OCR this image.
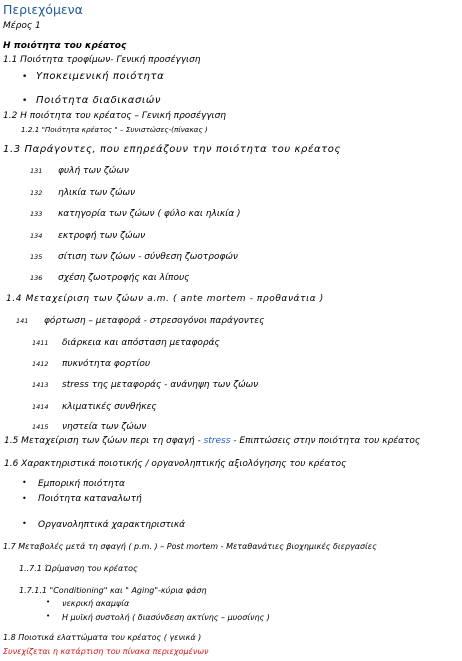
Περιεχόμενα
Μέρος 1
Η ποιότητα του κρέατος
1.1 Ποιότητα τροφίμων- Γενική προσέγγιση
• Υποκειμενική ποιότητα
• Ποιότητα διαδικασιών
1.2 Η ποιότητα του κρέατος – Γενική προσέγγιση
1.2.1 "Ποιότητα κρέατος " – Συνιστώσες-(πίνακας )
1.3 Παράγοντες, που επηρεάζουν την ποιότητα του κρέατος
131 φυλή των ζώων
132 ηλικία των ζώων
133 κατηγορία των ζώων ( φύλο και ηλικία )
134 εκτροφή των ζώων
135 σίτιση των ζώων - σύνθεση ζωοτροφών
136 σχέση ζωοτροφής και λίπους
1.4 Μεταχείριση των ζώων a.m. ( ante mortem - προθανάτια )
141 φόρτωση – μεταφορά - στρεσογόνοι παράγοντες
1411 διάρκεια και απόσταση μεταφοράς
1412 πυκνότητα φορτίου
1413 stress της μεταφοράς - ανάνηψη των ζώων
1414 κλιματικές συνθήκες
1415 νηστεία των ζώων
1.5 Μεταχείριση των ζώων περι τη σφαγή - stress - Επιπτώσεις στην ποιότητα του κρέατος
1.6 Χαρακτηριστικά ποιοτικής / οργανοληπτικής αξιολόγησης του κρέατος
• Εμπορική ποιότητα
• Ποιότητα καταναλωτή
• Οργανοληπτικά χαρακτηριστικά
1.7 Μεταβολές μετά τη σφαγή ( p.m. ) – Post mortem - Μεταθανάτιες βιοχημικές διεργασίες
1..7.1 Ώρίμανση του κρέατος
1.7.1.1 "Conditioning" και " Aging"-κύρια φάση
• νεκρική ακαμψία
• Η μυϊκή συστολή ( διασύνδεση ακτίνης – μυοσίνης )
1.8 Ποιοτικά ελαττώματα του κρέατος ( γενικά )
Συνεχίζεται η κατάρτιση του πίνακα περιεχομένων
